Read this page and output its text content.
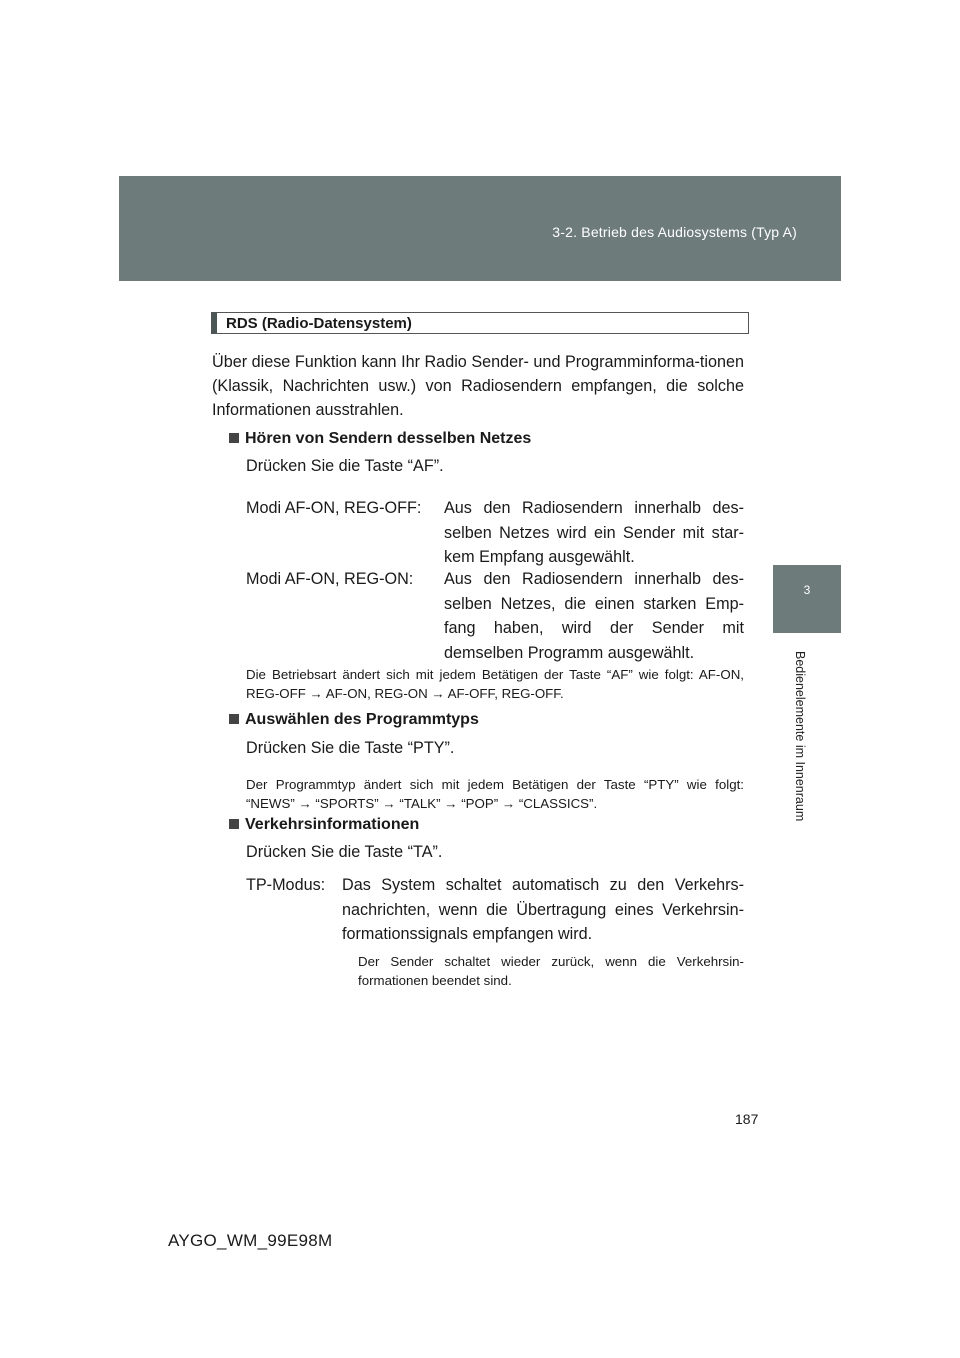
3-2. Betrieb des Audiosystems (Typ A)
3
Bedienelemente im Innenraum
RDS (Radio-Datensystem)
Über diese Funktion kann Ihr Radio Sender- und Programminforma-tionen (Klassik, Nachrichten usw.) von Radiosendern empfangen, die solche Informationen ausstrahlen.
Hören von Sendern desselben Netzes
Drücken Sie die Taste “AF”.
Modi AF-ON, REG-OFF: Aus den Radiosendern innerhalb des-selben Netzes wird ein Sender mit star-kem Empfang ausgewählt.
Modi AF-ON, REG-ON: Aus den Radiosendern innerhalb des-selben Netzes, die einen starken Emp-fang haben, wird der Sender mit demselben Programm ausgewählt.
Die Betriebsart ändert sich mit jedem Betätigen der Taste “AF” wie folgt: AF-ON, REG-OFF → AF-ON, REG-ON → AF-OFF, REG-OFF.
Auswählen des Programmtyps
Drücken Sie die Taste “PTY”.
Der Programmtyp ändert sich mit jedem Betätigen der Taste “PTY” wie folgt: “NEWS” → “SPORTS” → “TALK” → “POP” → “CLASSICS”.
Verkehrsinformationen
Drücken Sie die Taste “TA”.
TP-Modus: Das System schaltet automatisch zu den Verkehrs-nachrichten, wenn die Übertragung eines Verkehrsin-formationssignals empfangen wird.
Der Sender schaltet wieder zurück, wenn die Verkehrsin-formationen beendet sind.
187
AYGO_WM_99E98M
